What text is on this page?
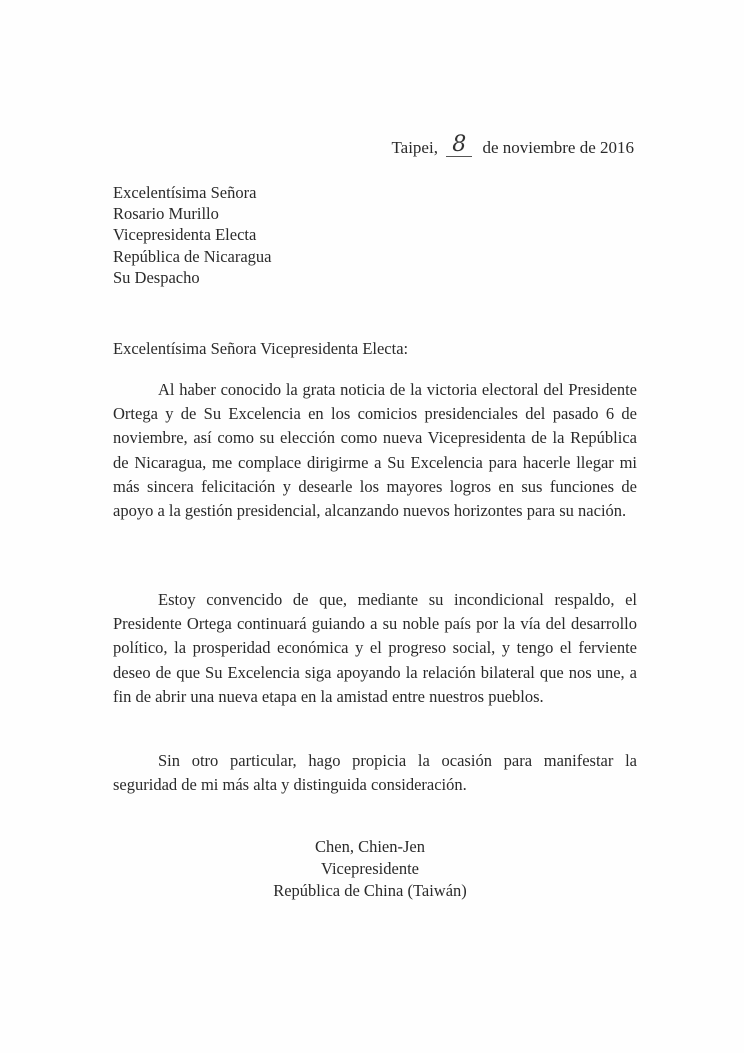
Taipei, 8 de noviembre de 2016
Excelentísima Señora
Rosario Murillo
Vicepresidenta Electa
República de Nicaragua
Su Despacho
Excelentísima Señora Vicepresidenta Electa:

Al haber conocido la grata noticia de la victoria electoral del Presidente Ortega y de Su Excelencia en los comicios presidenciales del pasado 6 de noviembre, así como su elección como nueva Vicepresidenta de la República de Nicaragua, me complace dirigirme a Su Excelencia para hacerle llegar mi más sincera felicitación y desearle los mayores logros en sus funciones de apoyo a la gestión presidencial, alcanzando nuevos horizontes para su nación.

Estoy convencido de que, mediante su incondicional respaldo, el Presidente Ortega continuará guiando a su noble país por la vía del desarrollo político, la prosperidad económica y el progreso social, y tengo el ferviente deseo de que Su Excelencia siga apoyando la relación bilateral que nos une, a fin de abrir una nueva etapa en la amistad entre nuestros pueblos.

Sin otro particular, hago propicia la ocasión para manifestar la seguridad de mi más alta y distinguida consideración.

Chen, Chien-Jen
Vicepresidente
República de China (Taiwán)
